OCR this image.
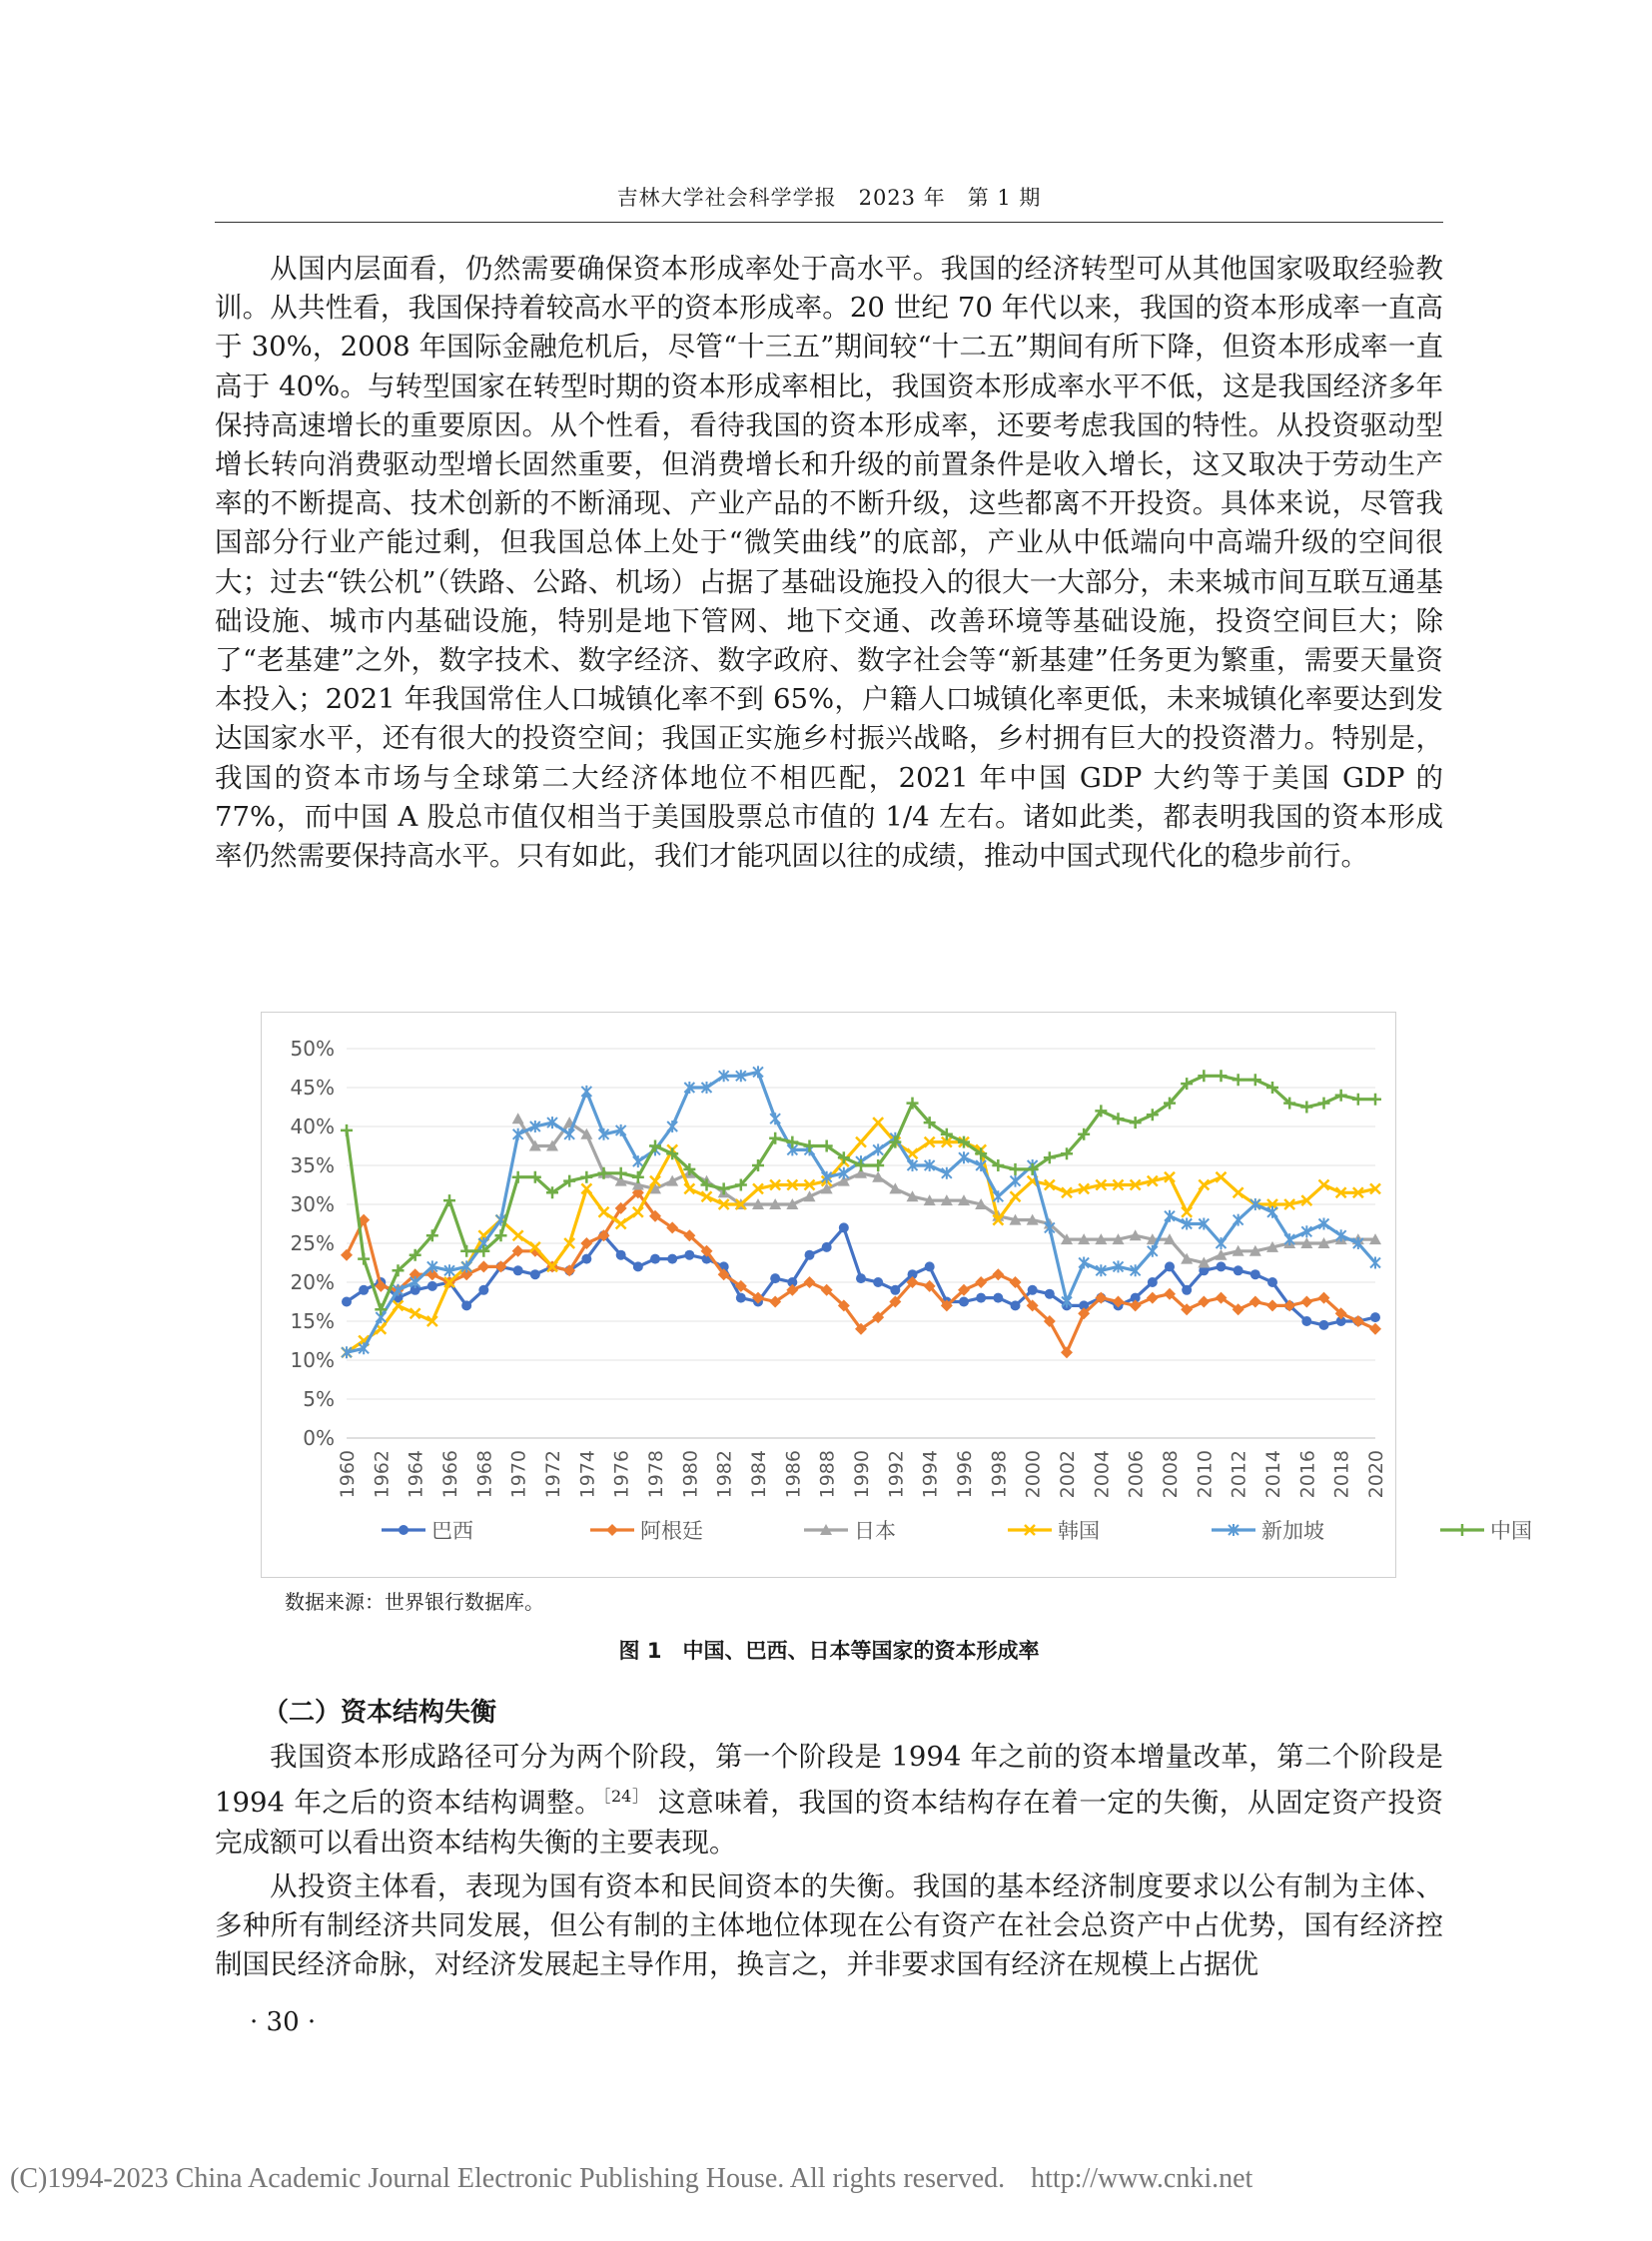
吉林大学社会科学学报　2023 年　第 1 期

从国内层面看，仍然需要确保资本形成率处于高水平。我国的经济转型可从其他国家吸取经验教训。从共性看，我国保持着较高水平的资本形成率。20 世纪 70 年代以来，我国的资本形成率一直高于 30%，2008 年国际金融危机后，尽管“十三五”期间较“十二五”期间有所下降，但资本形成率一直高于 40%。与转型国家在转型时期的资本形成率相比，我国资本形成率水平不低，这是我国经济多年保持高速增长的重要原因。从个性看，看待我国的资本形成率，还要考虑我国的特性。从投资驱动型增长转向消费驱动型增长固然重要，但消费增长和升级的前置条件是收入增长，这又取决于劳动生产率的不断提高、技术创新的不断涌现、产业产品的不断升级，这些都离不开投资。具体来说，尽管我国部分行业产能过剩，但我国总体上处于“微笑曲线”的底部，产业从中低端向中高端升级的空间很大；过去“铁公机”（铁路、公路、机场）占据了基础设施投入的很大一大部分，未来城市间互联互通基础设施、城市内基础设施，特别是地下管网、地下交通、改善环境等基础设施，投资空间巨大；除了“老基建”之外，数字技术、数字经济、数字政府、数字社会等“新基建”任务更为繁重，需要天量资本投入；2021 年我国常住人口城镇化率不到 65%，户籍人口城镇化率更低，未来城镇化率要达到发达国家水平，还有很大的投资空间；我国正实施乡村振兴战略，乡村拥有巨大的投资潜力。特别是，我国的资本市场与全球第二大经济体地位不相匹配，2021 年中国 GDP 大约等于美国 GDP 的 77%，而中国 A 股总市值仅相当于美国股票总市值的 1/4 左右。诸如此类，都表明我国的资本形成率仍然需要保持高水平。只有如此，我们才能巩固以往的成绩，推动中国式现代化的稳步前行。

0%
5%
10%
15%
20%
25%
30%
35%
40%
45%
50%
1960 1962 1964 1966 1968 1970 1972 1974 1976 1978 1980 1982 1984 1986 1988 1990 1992 1994 1996 1998 2000 2002 2004 2006 2008 2010 2012 2014 2016 2018 2020
巴西	阿根廷	日本	韩国	新加坡	中国
数据来源：世界银行数据库。
图 1　中国、巴西、日本等国家的资本形成率
（二）资本结构失衡

我国资本形成路径可分为两个阶段，第一个阶段是 1994 年之前的资本增量改革，第二个阶段是 1994 年之后的资本结构调整。$^{[24]}$ 这意味着，我国的资本结构存在着一定的失衡，从固定资产投资完成额可以看出资本结构失衡的主要表现。

从投资主体看，表现为国有资本和民间资本的失衡。我国的基本经济制度要求以公有制为主体、多种所有制经济共同发展，但公有制的主体地位体现在公有资产在社会总资产中占优势，国有经济控制国民经济命脉，对经济发展起主导作用，换言之，并非要求国有经济在规模上占据优

· 30 ·
(C)1994-2023 China Academic Journal Electronic Publishing House. All rights reserved. http://www.cnki.net
